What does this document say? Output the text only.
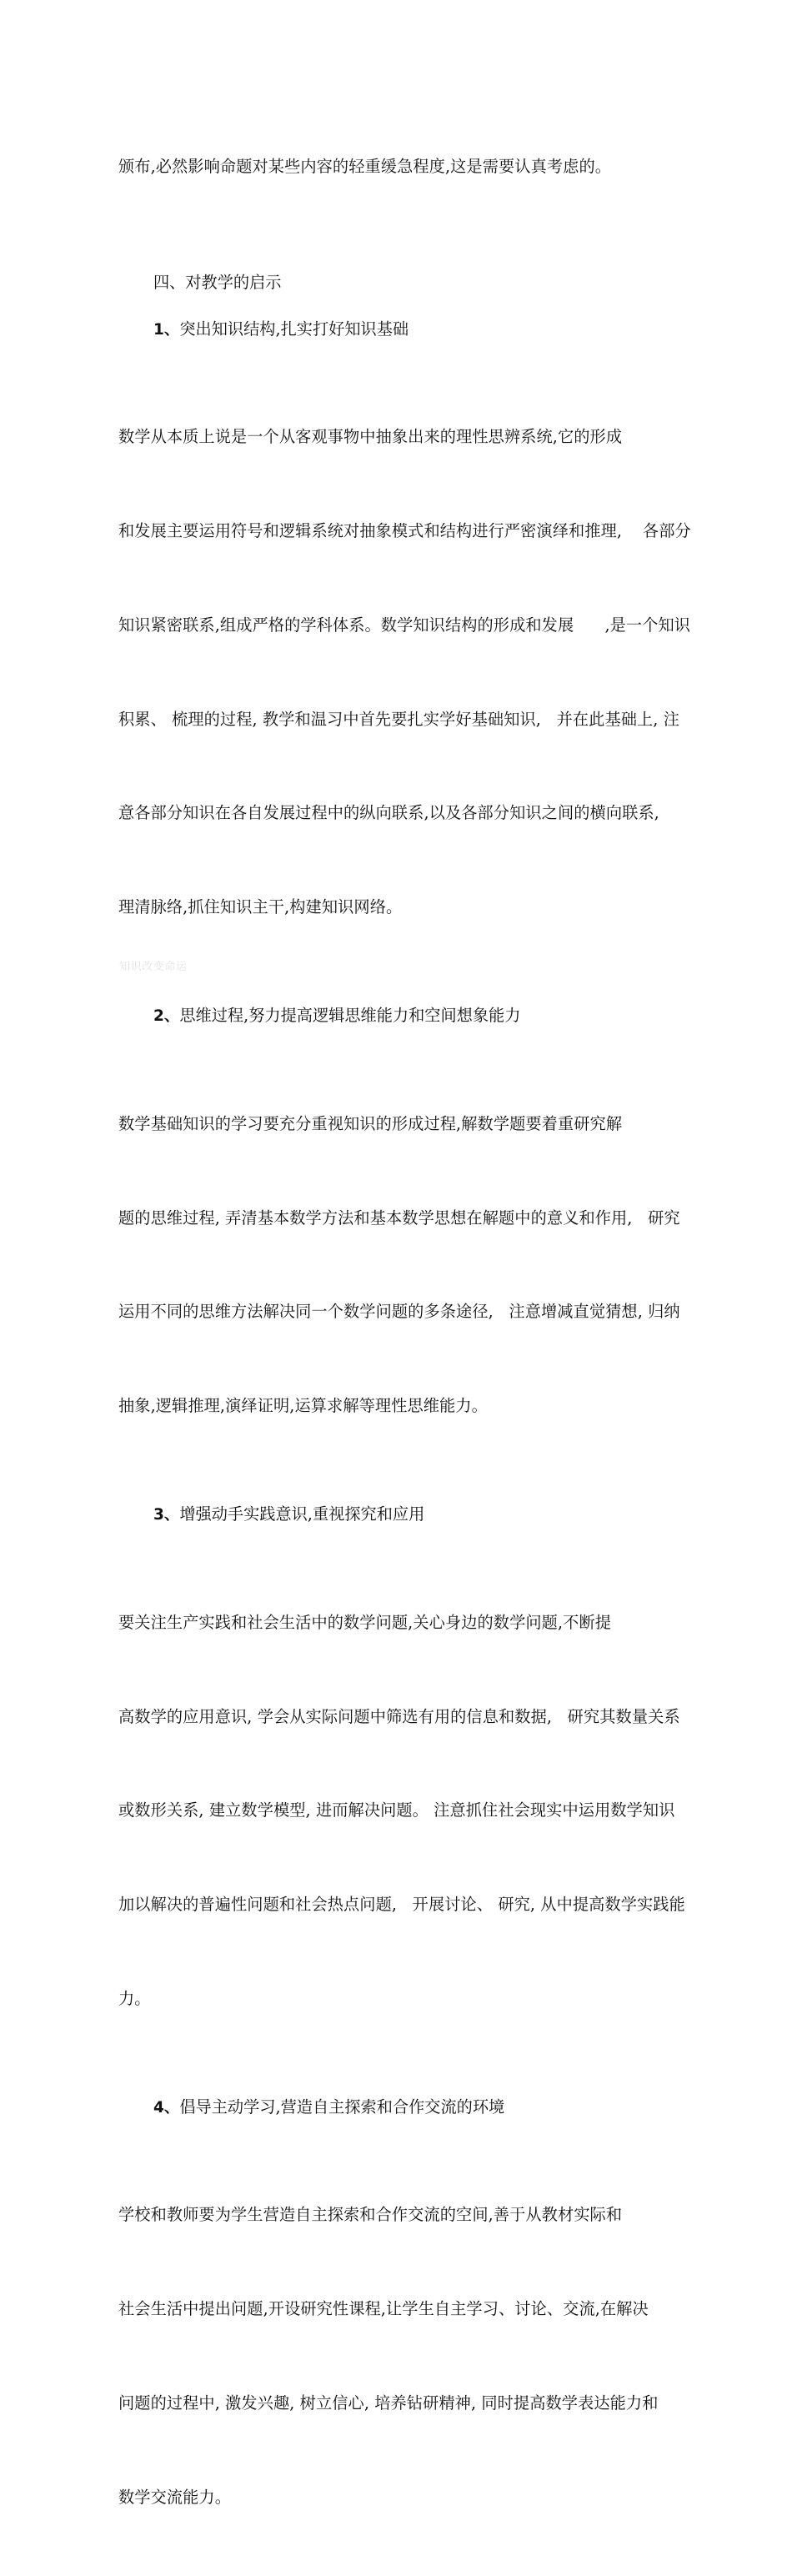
颁布,必然影响命题对某些内容的轻重缓急程度,这是需要认真考虑的。

四、对教学的启示
1、突出知识结构,扎实打好知识基础

数学从本质上说是一个从客观事物中抽象出来的理性思辨系统,它的形成

和发展主要运用符号和逻辑系统对抽象模式和结构进行严密演绎和推理,    各部分

知识紧密联系,组成严格的学科体系。数学知识结构的形成和发展      ,是一个知识

积累、 梳理的过程, 教学和温习中首先要扎实学好基础知识,   并在此基础上, 注

意各部分知识在各自发展过程中的纵向联系,以及各部分知识之间的横向联系,

理清脉络,抓住知识主干,构建知识网络。

2、思维过程,努力提高逻辑思维能力和空间想象能力

数学基础知识的学习要充分重视知识的形成过程,解数学题要着重研究解

题的思维过程, 弄清基本数学方法和基本数学思想在解题中的意义和作用,   研究

运用不同的思维方法解决同一个数学问题的多条途径,   注意增减直觉猜想, 归纳

抽象,逻辑推理,演绎证明,运算求解等理性思维能力。

3、增强动手实践意识,重视探究和应用

要关注生产实践和社会生活中的数学问题,关心身边的数学问题,不断提

高数学的应用意识, 学会从实际问题中筛选有用的信息和数据,   研究其数量关系

或数形关系, 建立数学模型, 进而解决问题。 注意抓住社会现实中运用数学知识

加以解决的普遍性问题和社会热点问题,   开展讨论、 研究, 从中提高数学实践能

力。

4、倡导主动学习,营造自主探索和合作交流的环境

学校和教师要为学生营造自主探索和合作交流的空间,善于从教材实际和

社会生活中提出问题,开设研究性课程,让学生自主学习、讨论、交流,在解决

问题的过程中, 激发兴趣, 树立信心, 培养钻研精神, 同时提高数学表达能力和

数学交流能力。

知识改变命运
